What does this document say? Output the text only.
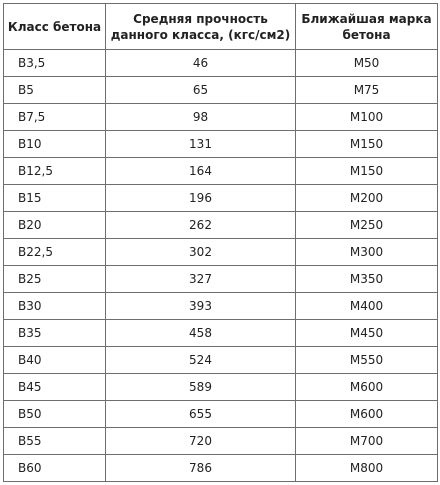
Класс бетона	Средняя прочность данного класса, (кгс/см2)	Ближайшая марка бетона
B3,5	46	M50
B5	65	M75
B7,5	98	M100
B10	131	M150
B12,5	164	M150
B15	196	M200
B20	262	M250
B22,5	302	M300
B25	327	M350
B30	393	M400
B35	458	M450
B40	524	M550
B45	589	M600
B50	655	M600
B55	720	M700
B60	786	M800
